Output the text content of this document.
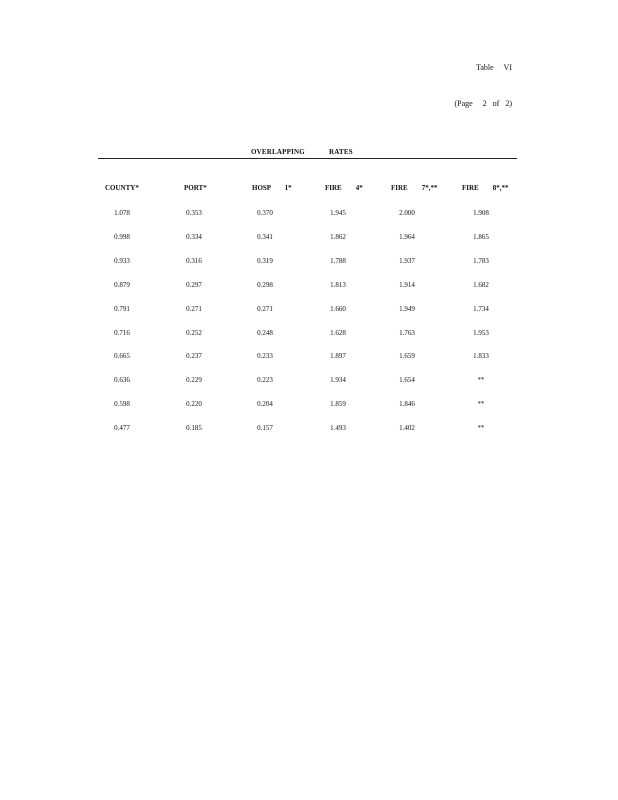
Table     VI

(Page     2   of   2)

OVERLAPPING	RATES
COUNTY*	PORT*	HOSP        1*	FIRE        4*	FIRE        7*,**	FIRE        8*,**
1.078	0.353	0.370	1.945	2.000	1.908
0.998	0.334	0.341	1.862	1.964	1.865
0.933	0.316	0.319	1.788	1.937	1.783
0.879	0.297	0.298	1.813	1.914	1.682
0.791	0.271	0.271	1.660	1.949	1.734
0.716	0.252	0.248	1.628	1.763	1.953
0.665	0.237	0.233	1.897	1.659	1.833
0.636	0.229	0.223	1.934	1.654	**
0.598	0.220	0.204	1.859	1.846	**
0.477	0.185	0.157	1.493	1.402	**
